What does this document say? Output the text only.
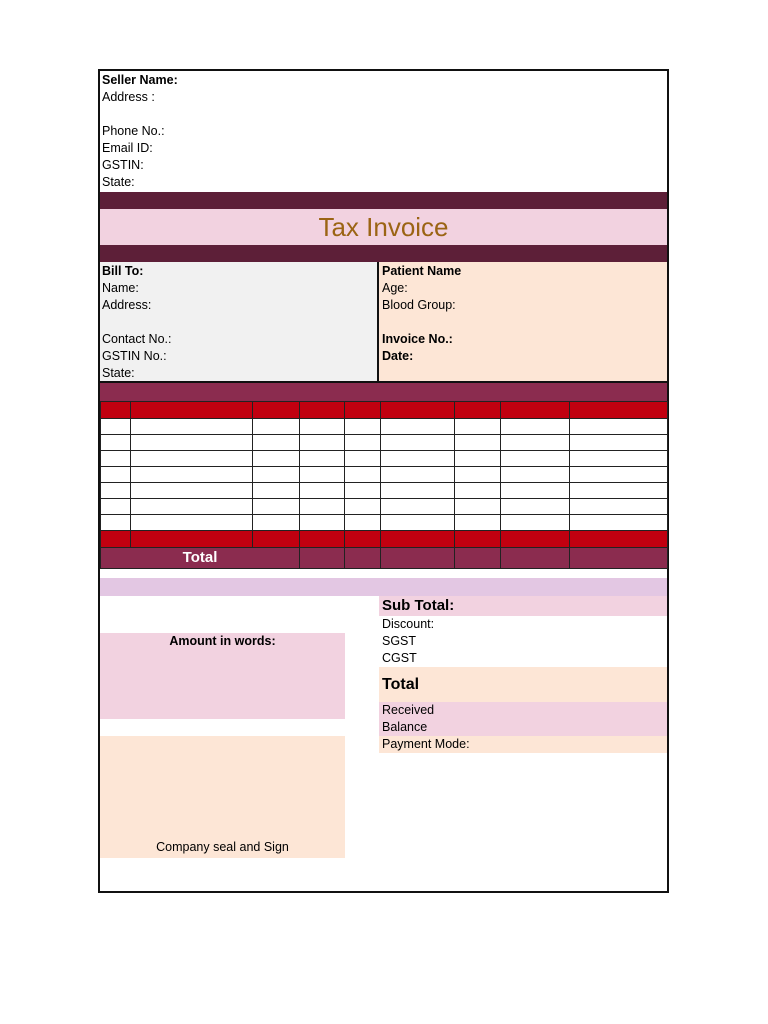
Seller Name:
Address :
Phone No.:
Email ID:
GSTIN:
State:
Tax Invoice
Bill To:
Name:
Address:
Contact No.:
GSTIN No.:
State:
Patient Name
Age:
Blood Group:
Invoice No.:
Date:

Total								
Sub Total:
Discount:
SGST
CGST
Total
Received
Balance
Payment Mode:
Amount in words:
Company seal and Sign
